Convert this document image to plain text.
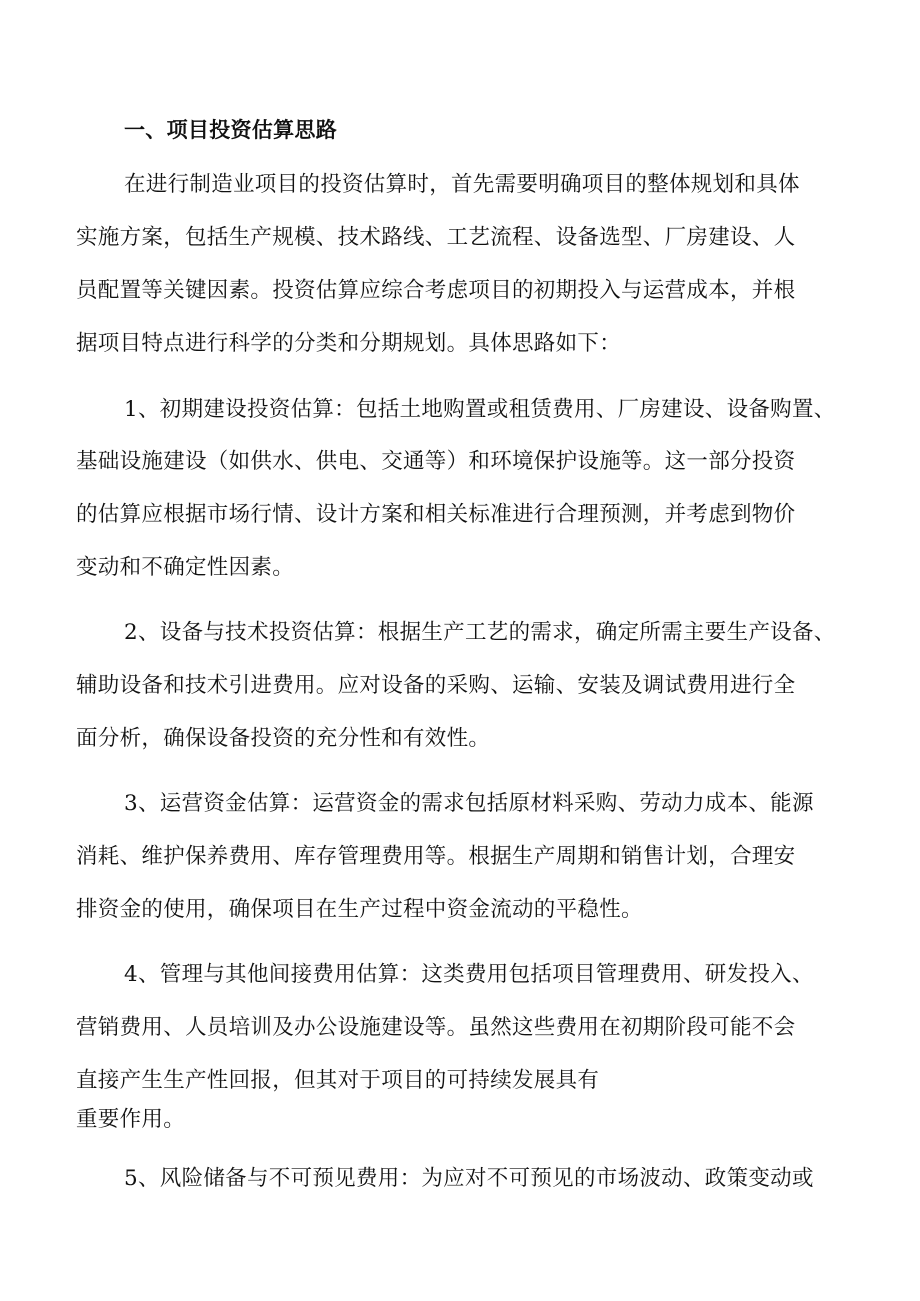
一、项目投资估算思路
在进行制造业项目的投资估算时，首先需要明确项目的整体规划和具体
实施方案，包括生产规模、技术路线、工艺流程、设备选型、厂房建设、人
员配置等关键因素。投资估算应综合考虑项目的初期投入与运营成本，并根
据项目特点进行科学的分类和分期规划。具体思路如下：
1、初期建设投资估算：包括土地购置或租赁费用、厂房建设、设备购置、
基础设施建设（如供水、供电、交通等）和环境保护设施等。这一部分投资
的估算应根据市场行情、设计方案和相关标准进行合理预测，并考虑到物价
变动和不确定性因素。
2、设备与技术投资估算：根据生产工艺的需求，确定所需主要生产设备、
辅助设备和技术引进费用。应对设备的采购、运输、安装及调试费用进行全
面分析，确保设备投资的充分性和有效性。
3、运营资金估算：运营资金的需求包括原材料采购、劳动力成本、能源
消耗、维护保养费用、库存管理费用等。根据生产周期和销售计划，合理安
排资金的使用，确保项目在生产过程中资金流动的平稳性。
4、管理与其他间接费用估算：这类费用包括项目管理费用、研发投入、
营销费用、人员培训及办公设施建设等。虽然这些费用在初期阶段可能不会
直接产生生产性回报，但其对于项目的可持续发展具有
重要作用。
5、风险储备与不可预见费用：为应对不可预见的市场波动、政策变动或
